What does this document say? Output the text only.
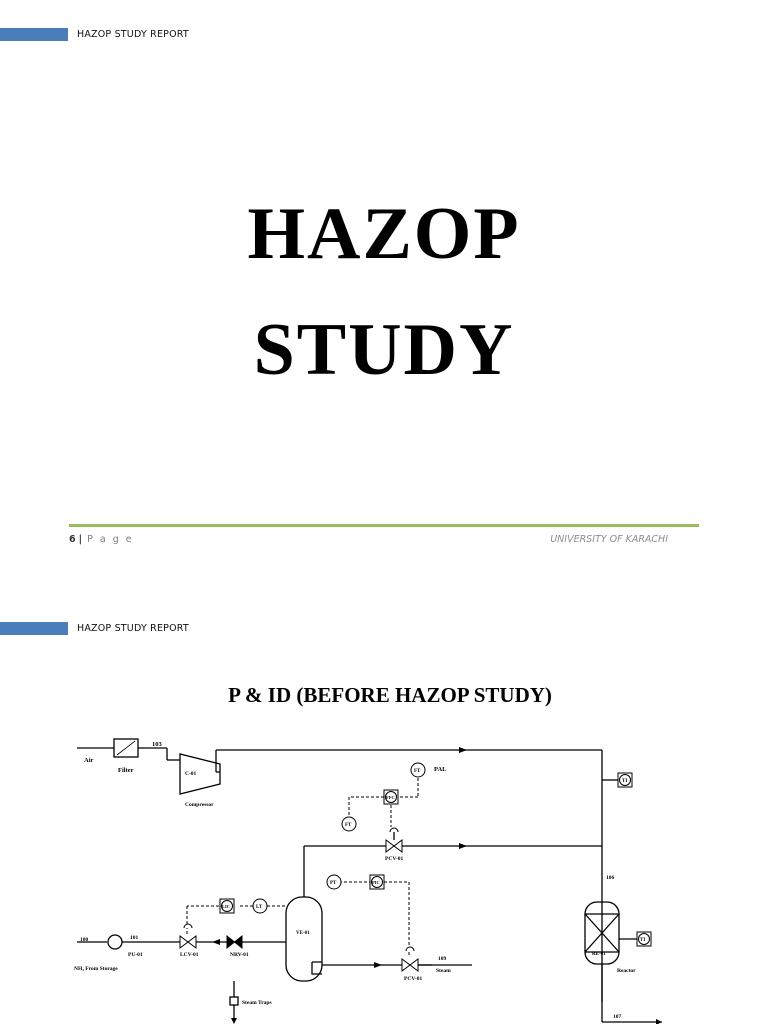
HAZOP STUDY REPORT
HAZOP
STUDY
6 | P a g e	UNIVERSITY OF KARACHI
HAZOP STUDY REPORT
P & ID (BEFORE HAZOP STUDY)
Air
Filter
103
C-01
Compressor
FT PAL
FFC
FT
PCV-01
TI
106
PT	PIC
LIC	LT
100	101
PU-01	LCV-01	NRV-01
NH₃ From Storage
VE-01
PCV-01
109
Steam
Steam Traps
RE-01
Reactor
TI
107
